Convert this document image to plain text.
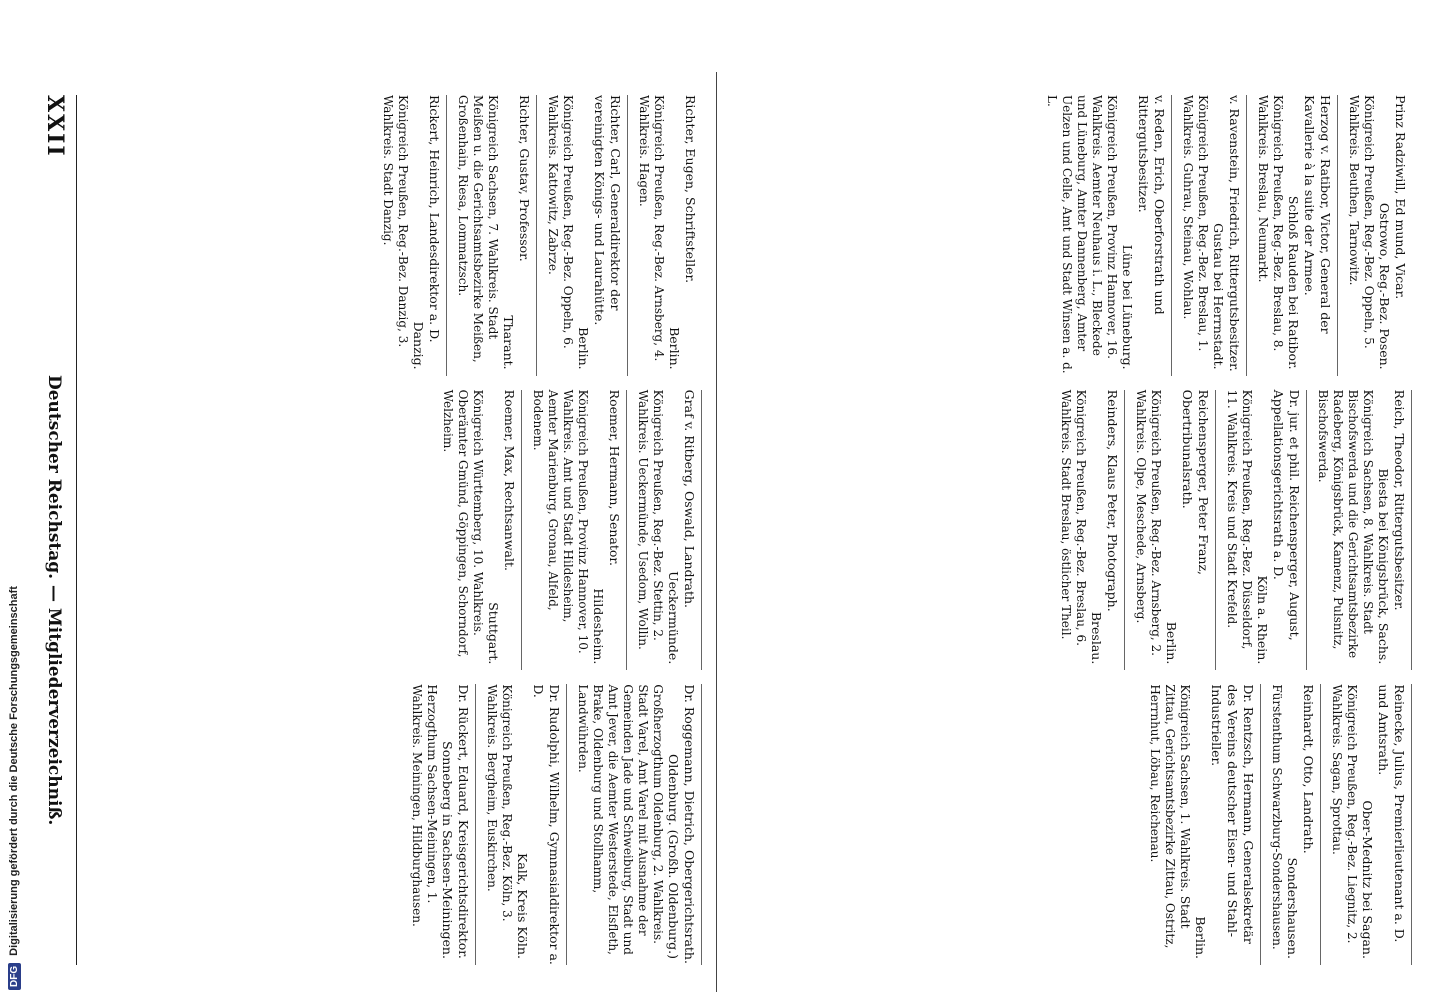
XXII
Deutscher Reichstag. — Mitgliederverzeichniß.
Prinz Radziwill, Ed mund, Vicar.
Ostrowo, Reg.-Bez. Posen.
Königreich Preußen, Reg.-Bez. Oppeln, 5. Wahlkreis. Beuthen, Tarnowitz.
Herzog v. Ratibor, Victor, General der Kavallerie à la suite der Armee.
Schloß Rauden bei Ratibor.
Königreich Preußen, Reg.-Bez. Breslau, 8. Wahlkreis. Breslau, Neumarkt.
v. Ravenstein, Friedrich, Rittergutsbesitzer.
Gustau bei Herrnstadt.
Königreich Preußen, Reg.-Bez. Breslau, 1. Wahlkreis. Guhrau, Steinau, Wohlau.
v. Reden, Erich, Oberforstrath und Rittergutsbesitzer.
Lüne bei Lüneburg.
Königreich Preußen, Provinz Hannover, 16. Wahlkreis. Aemter Neuhaus i. L., Bleckede und Lüneburg, Amter Dannenberg, Amter Uelzen und Celle, Amt und Stadt Winsen a. d. L.
Reich, Theodor, Rittergutsbesitzer.
Biesta bei Königsbrück, Sachs.
Königreich Sachsen, 8. Wahlkreis. Stadt Bischofswerda und die Gerichtsamtsbezirke Radeberg, Königsbrück, Kamenz, Pulsnitz, Bischofswerda.
Dr. jur. et phil. Reichensperger, August, Appellationsgerichtsrath a. D.
Köln a. Rhein.
Königreich Preußen, Reg.-Bez. Düsseldorf, 11. Wahlkreis. Kreis und Stadt Krefeld.
Reichensperger, Peter Franz, Obertribunalsrath.
Berlin.
Königreich Preußen, Reg.-Bez. Arnsberg, 2. Wahlkreis. Olpe, Meschede, Arnsberg.
Reinders, Klaus Peter, Photograph.
Breslau.
Königreich Preußen, Reg.-Bez. Breslau, 6. Wahlkreis. Stadt Breslau, östlicher Theil.
Reinecke, Julius, Premierlieutenant a. D. und Amtsrath.
Ober-Mednitz bei Sagan.
Königreich Preußen, Reg.-Bez. Liegnitz, 2. Wahlkreis. Sagan, Sprottau.
Reinhardt, Otto, Landrath.
Sondershausen.
Fürstenthum Schwarzburg-Sondershausen.
Dr. Rentzsch, Hermann, Generalsekretär des Vereins deutscher Eisen- und Stahl-Industrieller.
Berlin.
Königreich Sachsen, 1. Wahlkreis. Stadt Zittau, Gerichtsamtsbezirke Zittau, Ostritz, Herrnhut, Löbau, Reichenau.
Richter, Eugen, Schriftsteller.
Berlin.
Königreich Preußen, Reg.-Bez. Arnsberg, 4. Wahlkreis. Hagen.
Richter, Carl, Generaldirektor der vereinigten Königs- und Laurahütte.
Berlin.
Königreich Preußen, Reg.-Bez. Oppeln, 6. Wahlkreis. Kattowitz, Zabrze.
Richter, Gustav, Professor.
Tharant.
Königreich Sachsen, 7. Wahlkreis. Stadt Meißen u. die Gerichtsamtsbezirke Meißen, Großenhain, Riesa, Lommatzsch.
Rickert, Heinrich, Landesdirektor a. D.
Danzig.
Königreich Preußen, Reg.-Bez. Danzig, 3. Wahlkreis. Stadt Danzig.
Graf v. Ritberg, Oswald, Landrath.
Ueckermünde.
Königreich Preußen, Reg.-Bez. Stettin, 2. Wahlkreis. Ueckermünde, Usedom, Wollin.
Roemer, Hermann, Senator.
Hildesheim.
Königreich Preußen, Provinz Hannover, 10. Wahlkreis. Amt und Stadt Hildesheim, Aemter Marienburg, Gronau, Alfeld, Bodenem.
Roemer, Max, Rechtsanwalt.
Stuttgart.
Königreich Württemberg, 10. Wahlkreis. Oberämter Gmünd, Göppingen, Schorndorf, Welzheim.
Dr. Roggemann, Dietrich, Obergerichtsrath.
Oldenburg. (Großh. Oldenburg.)
Großherzogthum Oldenburg, 2. Wahlkreis. Stadt Varel, Amt Varel mit Ausnahme der Gemeinden Jade und Schweiburg, Stadt und Amt Jever, die Aemter Westerstede, Elsfleth, Brake, Oldenburg und Stollhamm, Landwührden.
Dr. Rudolphi, Wilhelm, Gymnasialdirektor a. D.
Kalk, Kreis Köln.
Königreich Preußen, Reg.-Bez. Köln, 3. Wahlkreis. Bergheim, Euskirchen.
Dr. Rückert, Eduard, Kreisgerichtsdirektor.
Sonneberg in Sachsen-Meiningen.
Herzogthum Sachsen-Meiningen, 1. Wahlkreis. Meiningen, Hildburghausen.
DFG Digitalisierung gefördert durch die Deutsche Forschungsgemeinschaft
